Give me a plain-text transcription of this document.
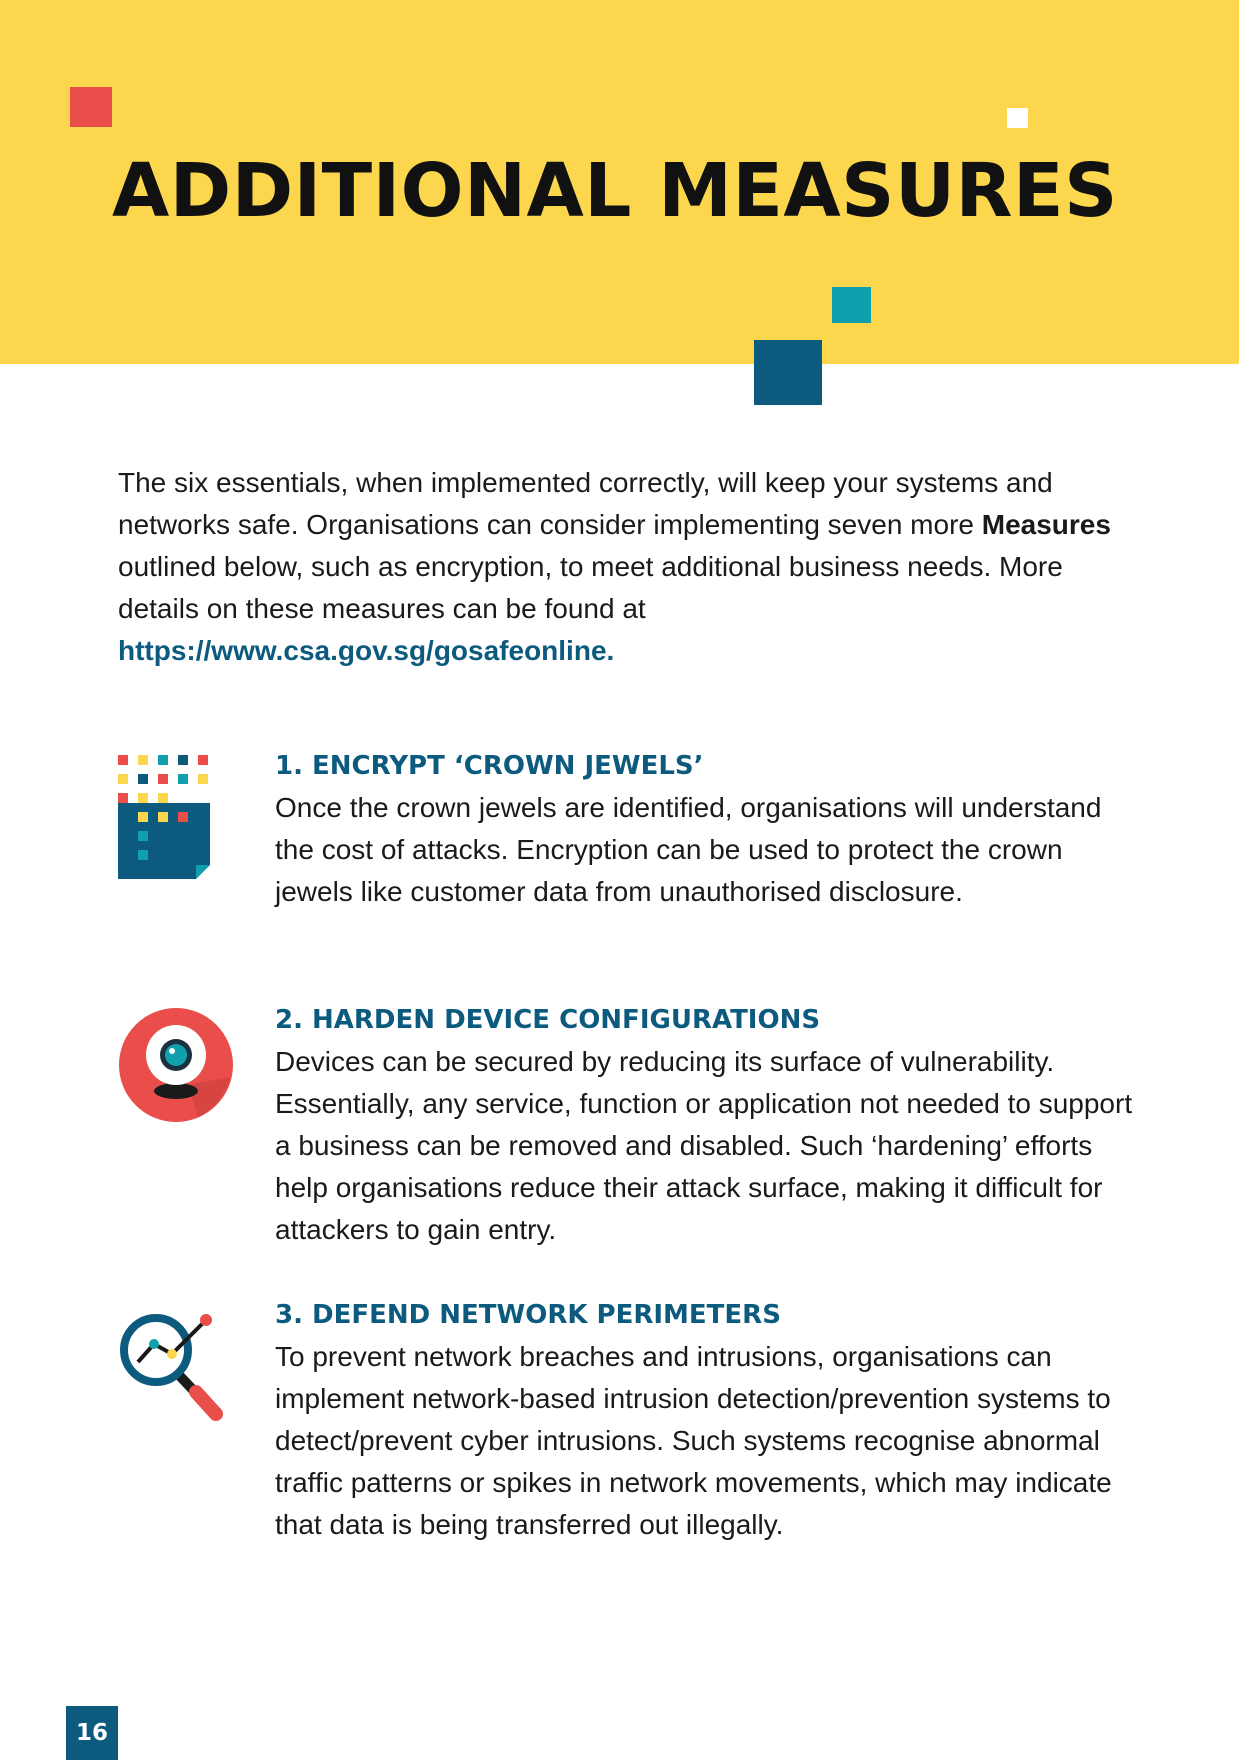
ADDITIONAL MEASURES
The six essentials, when implemented correctly, will keep your systems and networks safe. Organisations can consider implementing seven more Measures outlined below, such as encryption, to meet additional business needs. More details on these measures can be found at
https://www.csa.gov.sg/gosafeonline.
1. ENCRYPT ‘CROWN JEWELS’

Once the crown jewels are identified, organisations will understand the cost of attacks. Encryption can be used to protect the crown jewels like customer data from unauthorised disclosure.

2. HARDEN DEVICE CONFIGURATIONS

Devices can be secured by reducing its surface of vulnerability. Essentially, any service, function or application not needed to support a business can be removed and disabled. Such ‘hardening’ efforts help organisations reduce their attack surface, making it difficult for attackers to gain entry.

3. DEFEND NETWORK PERIMETERS

To prevent network breaches and intrusions, organisations can implement network-based intrusion detection/prevention systems to detect/prevent cyber intrusions. Such systems recognise abnormal traffic patterns or spikes in network movements, which may indicate that data is being transferred out illegally.

16
